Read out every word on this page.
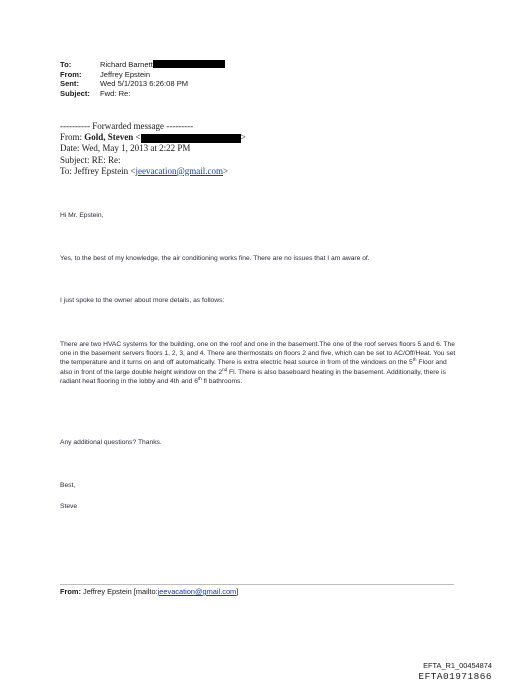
To:	Richard Barnett
From:	Jeffrey Epstein
Sent:	Wed 5/1/2013 6:26:08 PM
Subject:	Fwd: Re:
---------- Forwarded message ---------
From: Gold, Steven <	>
Date: Wed, May 1, 2013 at 2:22 PM
Subject: RE: Re:
To: Jeffrey Epstein <jeevacation@gmail.com>
Hi Mr. Epstein,
Yes, to the best of my knowledge, the air conditioning works fine. There are no issues that I am aware of.
I just spoke to the owner about more details, as follows:
There are two HVAC systems for the building, one on the roof and one in the basement.The one of the roof serves floors 5 and 6. The one in the basement servers floors 1, 2, 3, and 4. There are thermostats on floors 2 and five, which can be set to AC/Off/Heat. You set the temperature and it turns on and off automatically. There is extra electric heat source in from of the windows on the 5th Floor and also in front of the large double height window on the 2nd Fl. There is also baseboard heating in the basement. Additionally, there is radiant heat flooring in the lobby and 4th and 6th fl bathrooms.
Any additional questions? Thanks.
Best,
Steve
From: Jeffrey Epstein [mailto:jeevacation@gmail.com]
EFTA_R1_00454874
EFTA01971866
